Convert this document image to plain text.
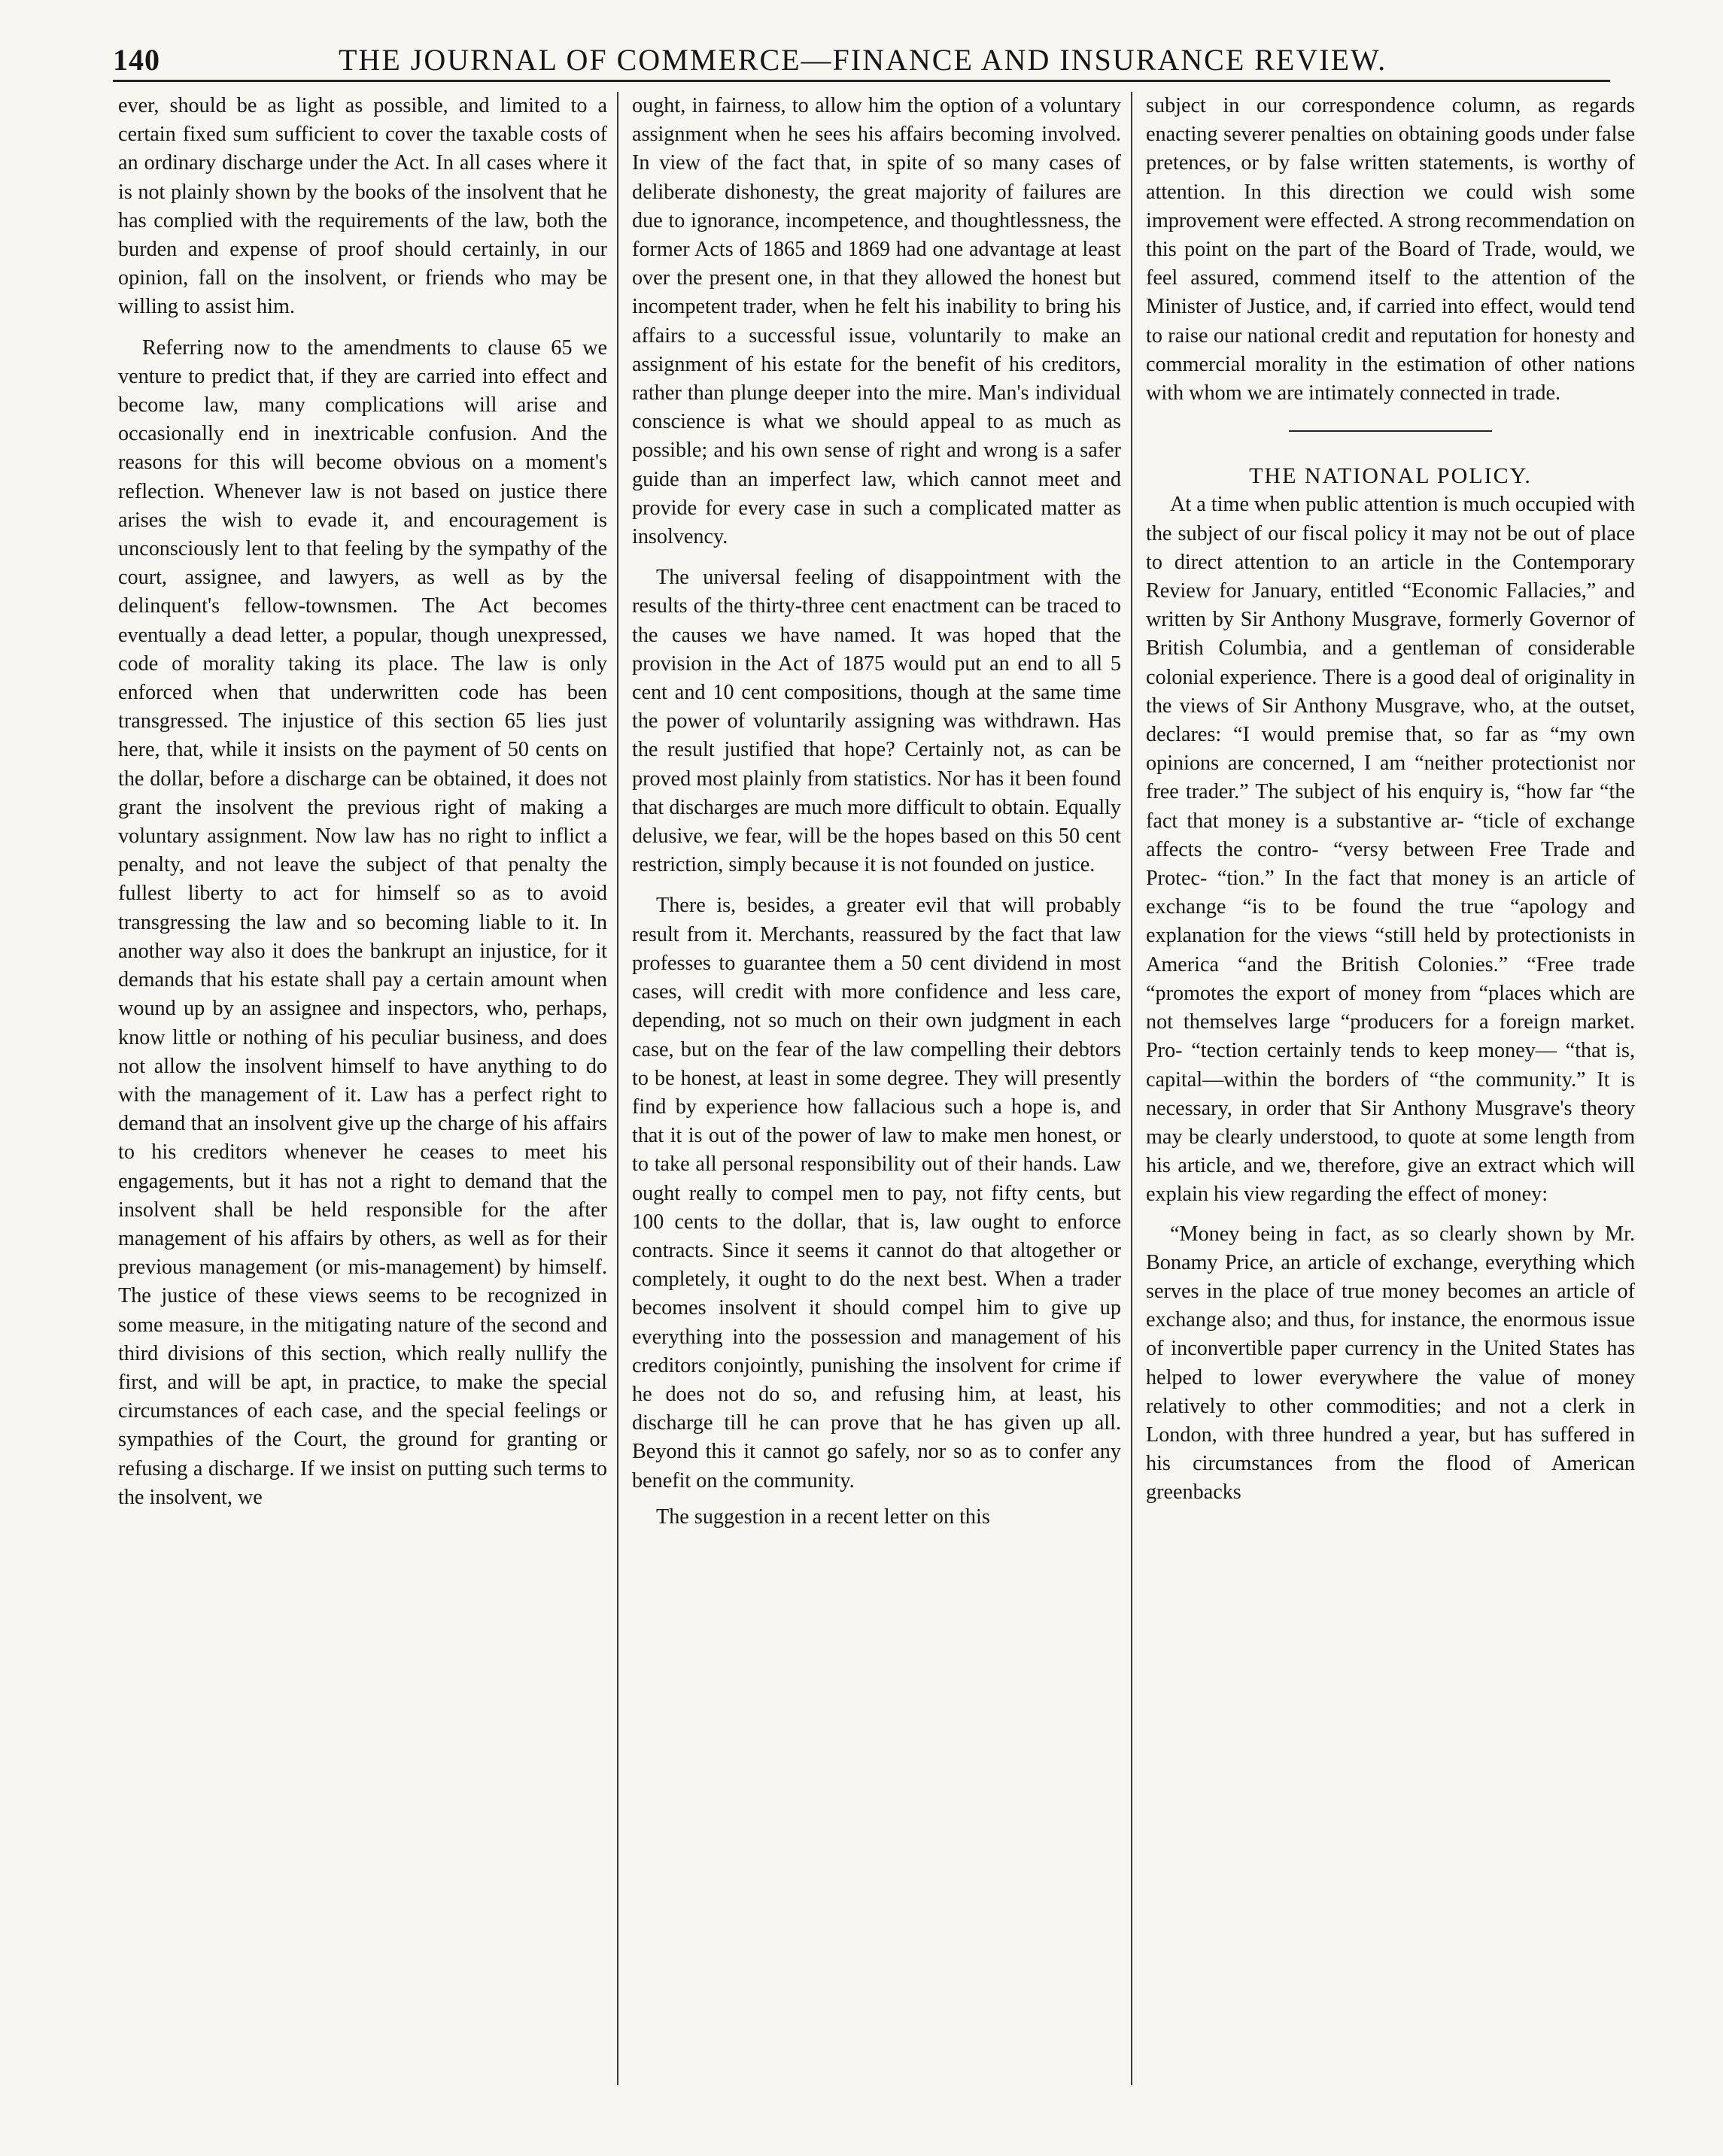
140	THE JOURNAL OF COMMERCE—FINANCE AND INSURANCE REVIEW.

ever, should be as light as possible, and limited to a certain fixed sum sufficient to cover the taxable costs of an ordinary discharge under the Act. In all cases where it is not plainly shown by the books of the insolvent that he has complied with the requirements of the law, both the burden and expense of proof should certainly, in our opinion, fall on the insolvent, or friends who may be willing to assist him.

Referring now to the amendments to clause 65 we venture to predict that, if they are carried into effect and become law, many complications will arise and occasionally end in inextricable confusion. And the reasons for this will become obvious on a moment's reflection. Whenever law is not based on justice there arises the wish to evade it, and encouragement is unconsciously lent to that feeling by the sympathy of the court, assignee, and lawyers, as well as by the delinquent's fellow-townsmen. The Act becomes eventually a dead letter, a popular, though unexpressed, code of morality taking its place. The law is only enforced when that underwritten code has been transgressed. The injustice of this section 65 lies just here, that, while it insists on the payment of 50 cents on the dollar, before a discharge can be obtained, it does not grant the insolvent the previous right of making a voluntary assignment. Now law has no right to inflict a penalty, and not leave the subject of that penalty the fullest liberty to act for himself so as to avoid transgressing the law and so becoming liable to it. In another way also it does the bankrupt an injustice, for it demands that his estate shall pay a certain amount when wound up by an assignee and inspectors, who, perhaps, know little or nothing of his peculiar business, and does not allow the insolvent himself to have anything to do with the management of it. Law has a perfect right to demand that an insolvent give up the charge of his affairs to his creditors whenever he ceases to meet his engagements, but it has not a right to demand that the insolvent shall be held responsible for the after management of his affairs by others, as well as for their previous management (or mis-management) by himself. The justice of these views seems to be recognized in some measure, in the mitigating nature of the second and third divisions of this section, which really nullify the first, and will be apt, in practice, to make the special circumstances of each case, and the special feelings or sympathies of the Court, the ground for granting or refusing a discharge. If we insist on putting such terms to the insolvent, we

ought, in fairness, to allow him the option of a voluntary assignment when he sees his affairs becoming involved. In view of the fact that, in spite of so many cases of deliberate dishonesty, the great majority of failures are due to ignorance, incompetence, and thoughtlessness, the former Acts of 1865 and 1869 had one advantage at least over the present one, in that they allowed the honest but incompetent trader, when he felt his inability to bring his affairs to a successful issue, voluntarily to make an assignment of his estate for the benefit of his creditors, rather than plunge deeper into the mire. Man's individual conscience is what we should appeal to as much as possible; and his own sense of right and wrong is a safer guide than an imperfect law, which cannot meet and provide for every case in such a complicated matter as insolvency.

The universal feeling of disappointment with the results of the thirty-three cent enactment can be traced to the causes we have named. It was hoped that the provision in the Act of 1875 would put an end to all 5 cent and 10 cent compositions, though at the same time the power of voluntarily assigning was withdrawn. Has the result justified that hope? Certainly not, as can be proved most plainly from statistics. Nor has it been found that discharges are much more difficult to obtain. Equally delusive, we fear, will be the hopes based on this 50 cent restriction, simply because it is not founded on justice.

There is, besides, a greater evil that will probably result from it. Merchants, reassured by the fact that law professes to guarantee them a 50 cent dividend in most cases, will credit with more confidence and less care, depending, not so much on their own judgment in each case, but on the fear of the law compelling their debtors to be honest, at least in some degree. They will presently find by experience how fallacious such a hope is, and that it is out of the power of law to make men honest, or to take all personal responsibility out of their hands. Law ought really to compel men to pay, not fifty cents, but 100 cents to the dollar, that is, law ought to enforce contracts. Since it seems it cannot do that altogether or completely, it ought to do the next best. When a trader becomes insolvent it should compel him to give up everything into the possession and management of his creditors conjointly, punishing the insolvent for crime if he does not do so, and refusing him, at least, his discharge till he can prove that he has given up all. Beyond this it cannot go safely, nor so as to confer any benefit on the community.

The suggestion in a recent letter on this

subject in our correspondence column, as regards enacting severer penalties on obtaining goods under false pretences, or by false written statements, is worthy of attention. In this direction we could wish some improvement were effected. A strong recommendation on this point on the part of the Board of Trade, would, we feel assured, commend itself to the attention of the Minister of Justice, and, if carried into effect, would tend to raise our national credit and reputation for honesty and commercial morality in the estimation of other nations with whom we are intimately connected in trade.

THE NATIONAL POLICY.

At a time when public attention is much occupied with the subject of our fiscal policy it may not be out of place to direct attention to an article in the Contemporary Review for January, entitled “Economic Fallacies,” and written by Sir Anthony Musgrave, formerly Governor of British Columbia, and a gentleman of considerable colonial experience. There is a good deal of originality in the views of Sir Anthony Musgrave, who, at the outset, declares: “I would premise that, so far as “my own opinions are concerned, I am “neither protectionist nor free trader.” The subject of his enquiry is, “how far “the fact that money is a substantive ar- “ticle of exchange affects the contro- “versy between Free Trade and Protec- “tion.” In the fact that money is an article of exchange “is to be found the true “apology and explanation for the views “still held by protectionists in America “and the British Colonies.” “Free trade “promotes the export of money from “places which are not themselves large “producers for a foreign market. Pro- “tection certainly tends to keep money— “that is, capital—within the borders of “the community.” It is necessary, in order that Sir Anthony Musgrave's theory may be clearly understood, to quote at some length from his article, and we, therefore, give an extract which will explain his view regarding the effect of money:

“Money being in fact, as so clearly shown by Mr. Bonamy Price, an article of exchange, everything which serves in the place of true money becomes an article of exchange also; and thus, for instance, the enormous issue of inconvertible paper currency in the United States has helped to lower everywhere the value of money relatively to other commodities; and not a clerk in London, with three hundred a year, but has suffered in his circumstances from the flood of American greenbacks
